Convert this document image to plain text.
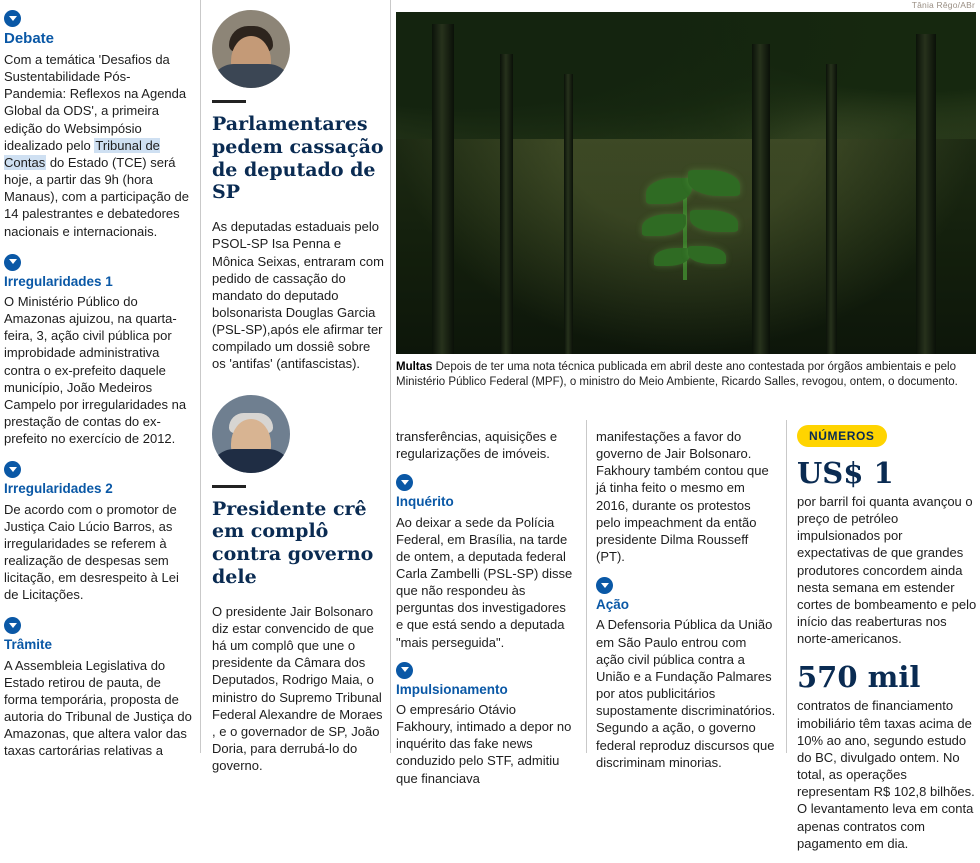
Debate

Com a temática 'Desafios da Sustentabilidade Pós-Pandemia: Reflexos na Agenda Global da ODS', a primeira edição do Websimpósio idealizado pelo Tribunal de Contas do Estado (TCE) será hoje, a partir das 9h (hora Manaus), com a participação de 14 palestrantes e debatedores nacionais e internacionais.

Irregularidades 1

O Ministério Público do Amazonas ajuizou, na quarta-feira, 3, ação civil pública por improbidade administrativa contra o ex-prefeito daquele município, João Medeiros Campelo por irregularidades na prestação de contas do ex-prefeito no exercício de 2012.

Irregularidades 2

De acordo com o promotor de Justiça Caio Lúcio Barros, as irregularidades se referem à realização de despesas sem licitação, em desrespeito à Lei de Licitações.

Trâmite

A Assembleia Legislativa do Estado retirou de pauta, de forma temporária, proposta de autoria do Tribunal de Justiça do Amazonas, que altera valor das taxas cartorárias relativas a

Parlamentares pedem cassação de deputado de SP

As deputadas estaduais pelo PSOL-SP Isa Penna e Mônica Seixas, entraram com pedido de cassação do mandato do deputado bolsonarista Douglas Garcia (PSL-SP),após ele afirmar ter compilado um dossiê sobre os 'antifas' (antifascistas).

Presidente crê em complô contra governo dele

O presidente Jair Bolsonaro diz estar convencido de que há um complô que une o presidente da Câmara dos Deputados, Rodrigo Maia, o ministro do Supremo Tribunal Federal Alexandre de Moraes , e o governador de SP, João Doria, para derrubá-lo do governo.

Tânia Rêgo/ABr
Multas Depois de ter uma nota técnica publicada em abril deste ano contestada por órgãos ambientais e pelo Ministério Público Federal (MPF), o ministro do Meio Ambiente, Ricardo Salles, revogou, ontem, o documento.

transferências, aquisições e regularizações de imóveis.

Inquérito

Ao deixar a sede da Polícia Federal, em Brasília, na tarde de ontem, a deputada federal Carla Zambelli (PSL-SP) disse que não respondeu às perguntas dos investigadores e que está sendo a deputada "mais perseguida".

Impulsionamento

O empresário Otávio Fakhoury, intimado a depor no inquérito das fake news conduzido pelo STF, admitiu que financiava

manifestações a favor do governo de Jair Bolsonaro. Fakhoury também contou que já tinha feito o mesmo em 2016, durante os protestos pelo impeachment da então presidente Dilma Rousseff (PT).

Ação

A Defensoria Pública da União em São Paulo entrou com ação civil pública contra a União e a Fundação Palmares por atos publicitários supostamente discriminatórios. Segundo a ação, o governo federal reproduz discursos que discriminam minorias.

NÚMEROS

US$ 1

por barril foi quanta avançou o preço de petróleo impulsionados por expectativas de que grandes produtores concordem ainda nesta semana em estender cortes de bombeamento e pelo início das reaberturas nos norte-americanos.

570 mil

contratos de financiamento imobiliário têm taxas acima de 10% ao ano, segundo estudo do BC, divulgado ontem. No total, as operações representam R$ 102,8 bilhões. O levantamento leva em conta apenas contratos com pagamento em dia.
